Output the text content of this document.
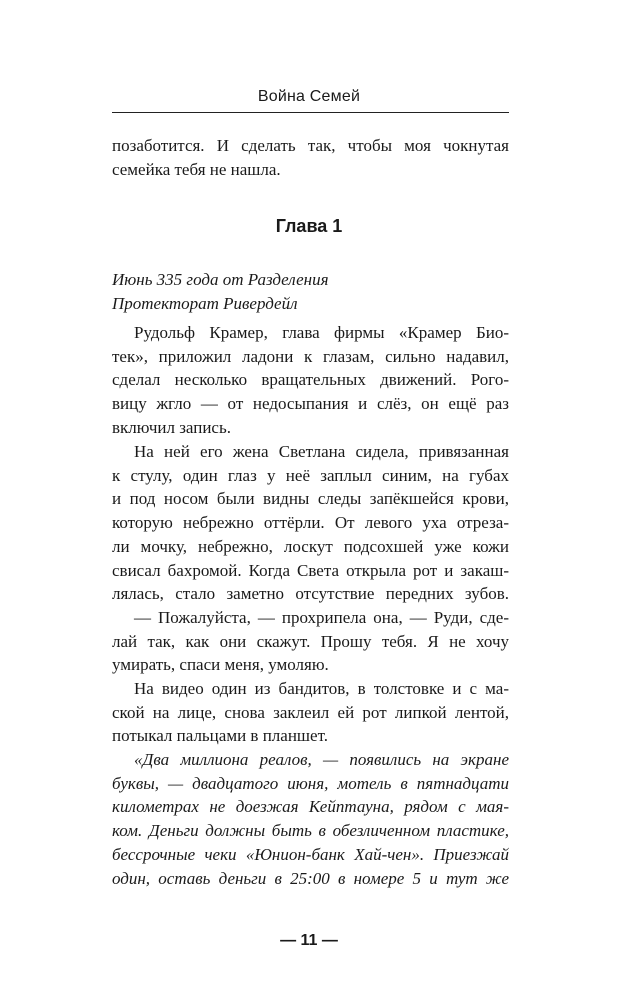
Война Семей
позаботится. И сделать так, чтобы моя чокнутая
семейка тебя не нашла.
Глава 1
Июнь 335 года от Разделения
Протекторат Ривердейл
Рудольф Крамер, глава фирмы «Крамер Био-
тек», приложил ладони к глазам, сильно надавил,
сделал несколько вращательных движений. Рого-
вицу жгло — от недосыпания и слёз, он ещё раз
включил запись.
На ней его жена Светлана сидела, привязанная
к стулу, один глаз у неё заплыл синим, на губах
и под носом были видны следы запёкшейся крови,
которую небрежно оттёрли. От левого уха отреза-
ли мочку, небрежно, лоскут подсохшей уже кожи
свисал бахромой. Когда Света открыла рот и закаш-
лялась, стало заметно отсутствие передних зубов.
— Пожалуйста, — прохрипела она, — Руди, сде-
лай так, как они скажут. Прошу тебя. Я не хочу
умирать, спаси меня, умоляю.
На видео один из бандитов, в толстовке и с ма-
ской на лице, снова заклеил ей рот липкой лентой,
потыкал пальцами в планшет.
«Два миллиона реалов, — появились на экране
буквы, — двадцатого июня, мотель в пятнадцати
километрах не доезжая Кейптауна, рядом с мая-
ком. Деньги должны быть в обезличенном пластике,
бессрочные чеки «Юнион-банк Хай-чен». Приезжай
один, оставь деньги в 25:00 в номере 5 и тут же
— 11 —
